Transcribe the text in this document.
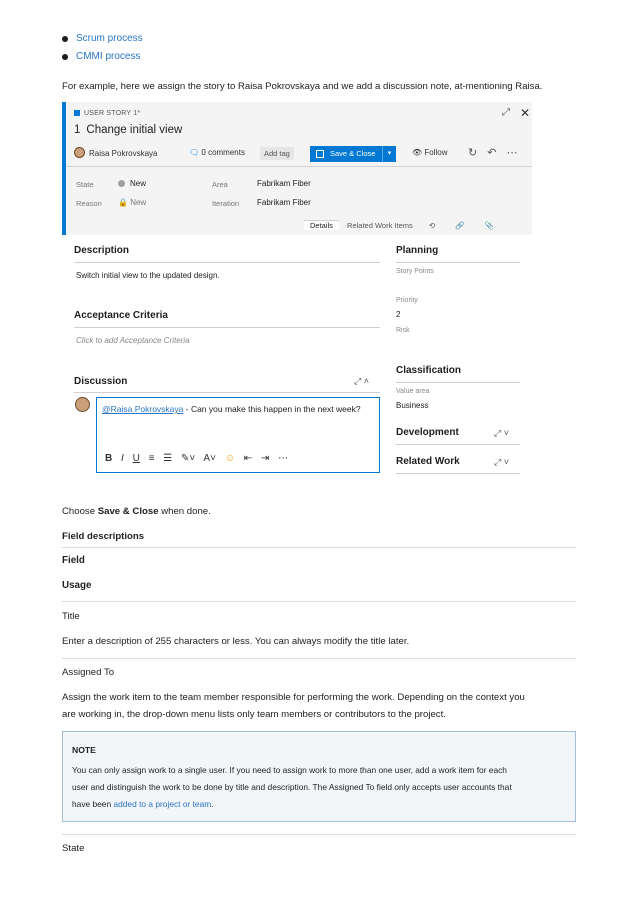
Scrum process
CMMI process
For example, here we assign the story to Raisa Pokrovskaya and we add a discussion note, at-mentioning Raisa.
USER STORY 1*	⤢ ✕
1 Change initial view
Raisa Pokrovskaya	🗨 0 comments	Add tag	Save & Close	▾	👁 Follow ↻↶⋯
State	New
Reason 🔒 New
Area	Fabrikam Fiber
Iteration Fabrikam Fiber
Details Related Work Items ⟲	🔗	📎
Description
Switch initial view to the updated design.
Acceptance Criteria
Click to add Acceptance Criteria
Discussion	⤢ ˄
@Raisa Pokrovskaya - Can you make this happen in the next week?
B I U ≡ ☰ ✎˅ A˅ ☺ ⇤ ⇥ ⋯
Planning
Story Points
Priority
2
Risk
Classification
Value area
Business
Development	⤢ ˅
Related Work	⤢ ˅
Choose Save & Close when done.
Field descriptions
Field
Usage
Title
Enter a description of 255 characters or less. You can always modify the title later.
Assigned To
Assign the work item to the team member responsible for performing the work. Depending on the context you
are working in, the drop-down menu lists only team members or contributors to the project.
NOTE
You can only assign work to a single user. If you need to assign work to more than one user, add a work item for each
user and distinguish the work to be done by title and description. The Assigned To field only accepts user accounts that
have been added to a project or team.
State
